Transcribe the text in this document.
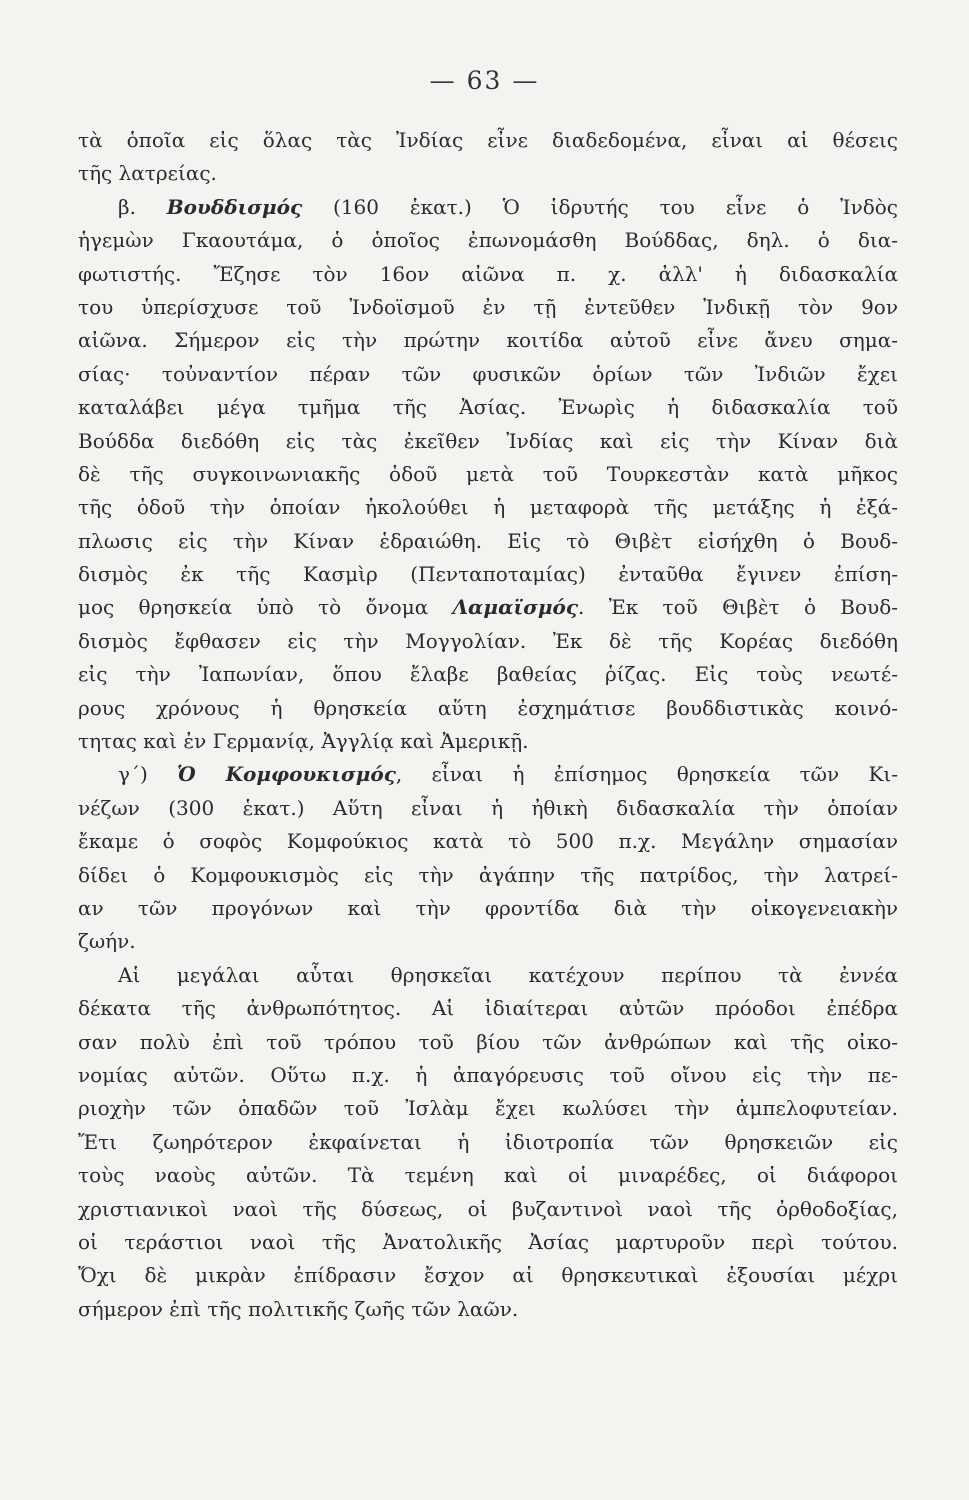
— 63 —
τὰ ὁποῖα εἰς ὅλας τὰς Ἰνδίας εἶνε διαδεδομένα, εἶναι αἱ θέσεις
τῆς λατρείας.
β. Βουδδισμός (160 ἑκατ.) Ὁ ἱδρυτής του εἶνε ὁ Ἰνδὸς
ἡγεμὼν Γκαουτάμα, ὁ ὁποῖος ἐπωνομάσθη Βούδδας, δηλ. ὁ δια-
φωτιστής. Ἔζησε τὸν 16ον αἰῶνα π. χ. ἀλλ' ἡ διδασκαλία
του ὑπερίσχυσε τοῦ Ἰνδοϊσμοῦ ἐν τῇ ἐντεῦθεν Ἰνδικῇ τὸν 9ον
αἰῶνα. Σήμερον εἰς τὴν πρώτην κοιτίδα αὐτοῦ εἶνε ἄνευ σημα-
σίας· τοὐναντίον πέραν τῶν φυσικῶν ὁρίων τῶν Ἰνδιῶν ἔχει
καταλάβει μέγα τμῆμα τῆς Ἀσίας. Ἐνωρὶς ἡ διδασκαλία τοῦ
Βούδδα διεδόθη εἰς τὰς ἐκεῖθεν Ἰνδίας καὶ εἰς τὴν Κίναν διὰ
δὲ τῆς συγκοινωνιακῆς ὁδοῦ μετὰ τοῦ Τουρκεστὰν κατὰ μῆκος
τῆς ὁδοῦ τὴν ὁποίαν ἠκολούθει ἡ μεταφορὰ τῆς μετάξης ἡ ἐξά-
πλωσις εἰς τὴν Κίναν ἑδραιώθη. Εἰς τὸ Θιβὲτ εἰσήχθη ὁ Βουδ-
δισμὸς ἐκ τῆς Κασμὶρ (Πενταποταμίας) ἐνταῦθα ἔγινεν ἐπίση-
μος θρησκεία ὑπὸ τὸ ὄνομα Λαμαϊσμός. Ἐκ τοῦ Θιβὲτ ὁ Βουδ-
δισμὸς ἔφθασεν εἰς τὴν Μογγολίαν. Ἐκ δὲ τῆς Κορέας διεδόθη
εἰς τὴν Ἰαπωνίαν, ὅπου ἔλαβε βαθείας ῥίζας. Εἰς τοὺς νεωτέ-
ρους χρόνους ἡ θρησκεία αὕτη ἐσχημάτισε βουδδιστικὰς κοινό-
τητας καὶ ἐν Γερμανίᾳ, Ἀγγλίᾳ καὶ Ἀμερικῇ.
γ΄) Ὁ Κομφουκισμός, εἶναι ἡ ἐπίσημος θρησκεία τῶν Κι-
νέζων (300 ἑκατ.) Αὕτη εἶναι ἡ ἠθικὴ διδασκαλία τὴν ὁποίαν
ἔκαμε ὁ σοφὸς Κομφούκιος κατὰ τὸ 500 π.χ. Μεγάλην σημασίαν
δίδει ὁ Κομφουκισμὸς εἰς τὴν ἀγάπην τῆς πατρίδος, τὴν λατρεί-
αν τῶν προγόνων καὶ τὴν φροντίδα διὰ τὴν οἰκογενειακὴν
ζωήν.
Αἱ μεγάλαι αὗται θρησκεῖαι κατέχουν περίπου τὰ ἐννέα
δέκατα τῆς ἀνθρωπότητος. Αἱ ἰδιαίτεραι αὐτῶν πρόοδοι ἐπέδρα
σαν πολὺ ἐπὶ τοῦ τρόπου τοῦ βίου τῶν ἀνθρώπων καὶ τῆς οἰκο-
νομίας αὐτῶν. Οὕτω π.χ. ἡ ἀπαγόρευσις τοῦ οἴνου εἰς τὴν πε-
ριοχὴν τῶν ὀπαδῶν τοῦ Ἰσλὰμ ἔχει κωλύσει τὴν ἀμπελοφυτείαν.
Ἔτι ζωηρότερον ἐκφαίνεται ἡ ἰδιοτροπία τῶν θρησκειῶν εἰς
τοὺς ναοὺς αὐτῶν. Τὰ τεμένη καὶ οἱ μιναρέδες, οἱ διάφοροι
χριστιανικοὶ ναοὶ τῆς δύσεως, οἱ βυζαντινοὶ ναοὶ τῆς ὀρθοδοξίας,
οἱ τεράστιοι ναοὶ τῆς Ἀνατολικῆς Ἀσίας μαρτυροῦν περὶ τούτου.
Ὄχι δὲ μικρὰν ἐπίδρασιν ἔσχον αἱ θρησκευτικαὶ ἐξουσίαι μέχρι
σήμερον ἐπὶ τῆς πολιτικῆς ζωῆς τῶν λαῶν.
